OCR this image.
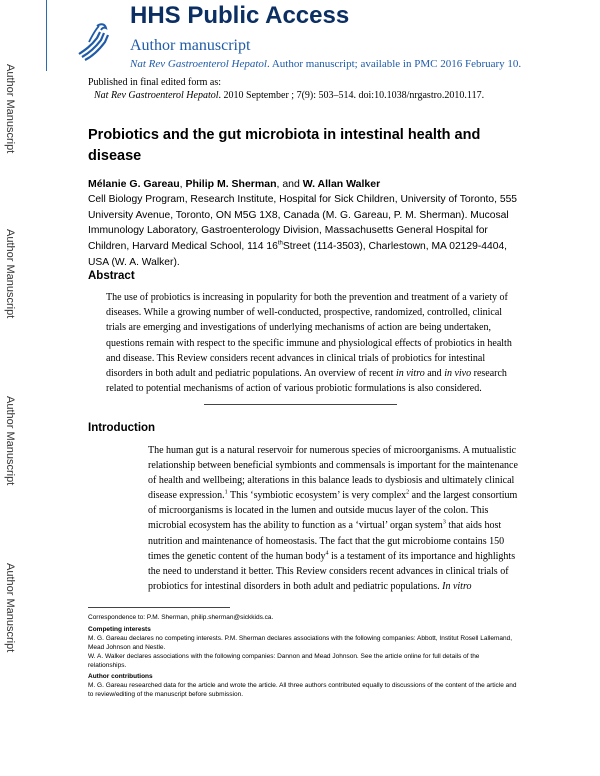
Author Manuscript
Author Manuscript
Author Manuscript
Author Manuscript
HHS Public Access
Author manuscript
Nat Rev Gastroenterol Hepatol. Author manuscript; available in PMC 2016 February 10.
Published in final edited form as:
Nat Rev Gastroenterol Hepatol. 2010 September ; 7(9): 503–514. doi:10.1038/nrgastro.2010.117.
Probiotics and the gut microbiota in intestinal health and disease
Mélanie G. Gareau, Philip M. Sherman, and W. Allan Walker
Cell Biology Program, Research Institute, Hospital for Sick Children, University of Toronto, 555 University Avenue, Toronto, ON M5G 1X8, Canada (M. G. Gareau, P. M. Sherman). Mucosal Immunology Laboratory, Gastroenterology Division, Massachusetts General Hospital for Children, Harvard Medical School, 114 16thStreet (114-3503), Charlestown, MA 02129-4404, USA (W. A. Walker).
Abstract
The use of probiotics is increasing in popularity for both the prevention and treatment of a variety of diseases. While a growing number of well-conducted, prospective, randomized, controlled, clinical trials are emerging and investigations of underlying mechanisms of action are being undertaken, questions remain with respect to the specific immune and physiological effects of probiotics in health and disease. This Review considers recent advances in clinical trials of probiotics for intestinal disorders in both adult and pediatric populations. An overview of recent in vitro and in vivo research related to potential mechanisms of action of various probiotic formulations is also considered.
Introduction
The human gut is a natural reservoir for numerous species of microorganisms. A mutualistic relationship between beneficial symbionts and commensals is important for the maintenance of health and wellbeing; alterations in this balance leads to dysbiosis and ultimately clinical disease expression.$^1$ This ‘symbiotic ecosystem’ is very complex$^2$ and the largest consortium of microorganisms is located in the lumen and outside mucus layer of the colon. This microbial ecosystem has the ability to function as a ‘virtual’ organ system$^3$ that aids host nutrition and maintenance of homeostasis. The fact that the gut microbiome contains 150 times the genetic content of the human body$^4$ is a testament of its importance and highlights the need to understand it better. This Review considers recent advances in clinical trials of probiotics for intestinal disorders in both adult and pediatric populations. In vitro

Correspondence to: P.M. Sherman, philip.sherman@sickkids.ca.

Competing interests

M. G. Gareau declares no competing interests. P.M. Sherman declares associations with the following companies: Abbott, Institut Rosell Lallemand, Mead Johnson and Nestle.

W. A. Walker declares associations with the following companies: Dannon and Mead Johnson. See the article online for full details of the relationships.

Author contributions

M. G. Gareau researched data for the article and wrote the article. All three authors contributed equally to discussions of the content of the article and to review/editing of the manuscript before submission.
